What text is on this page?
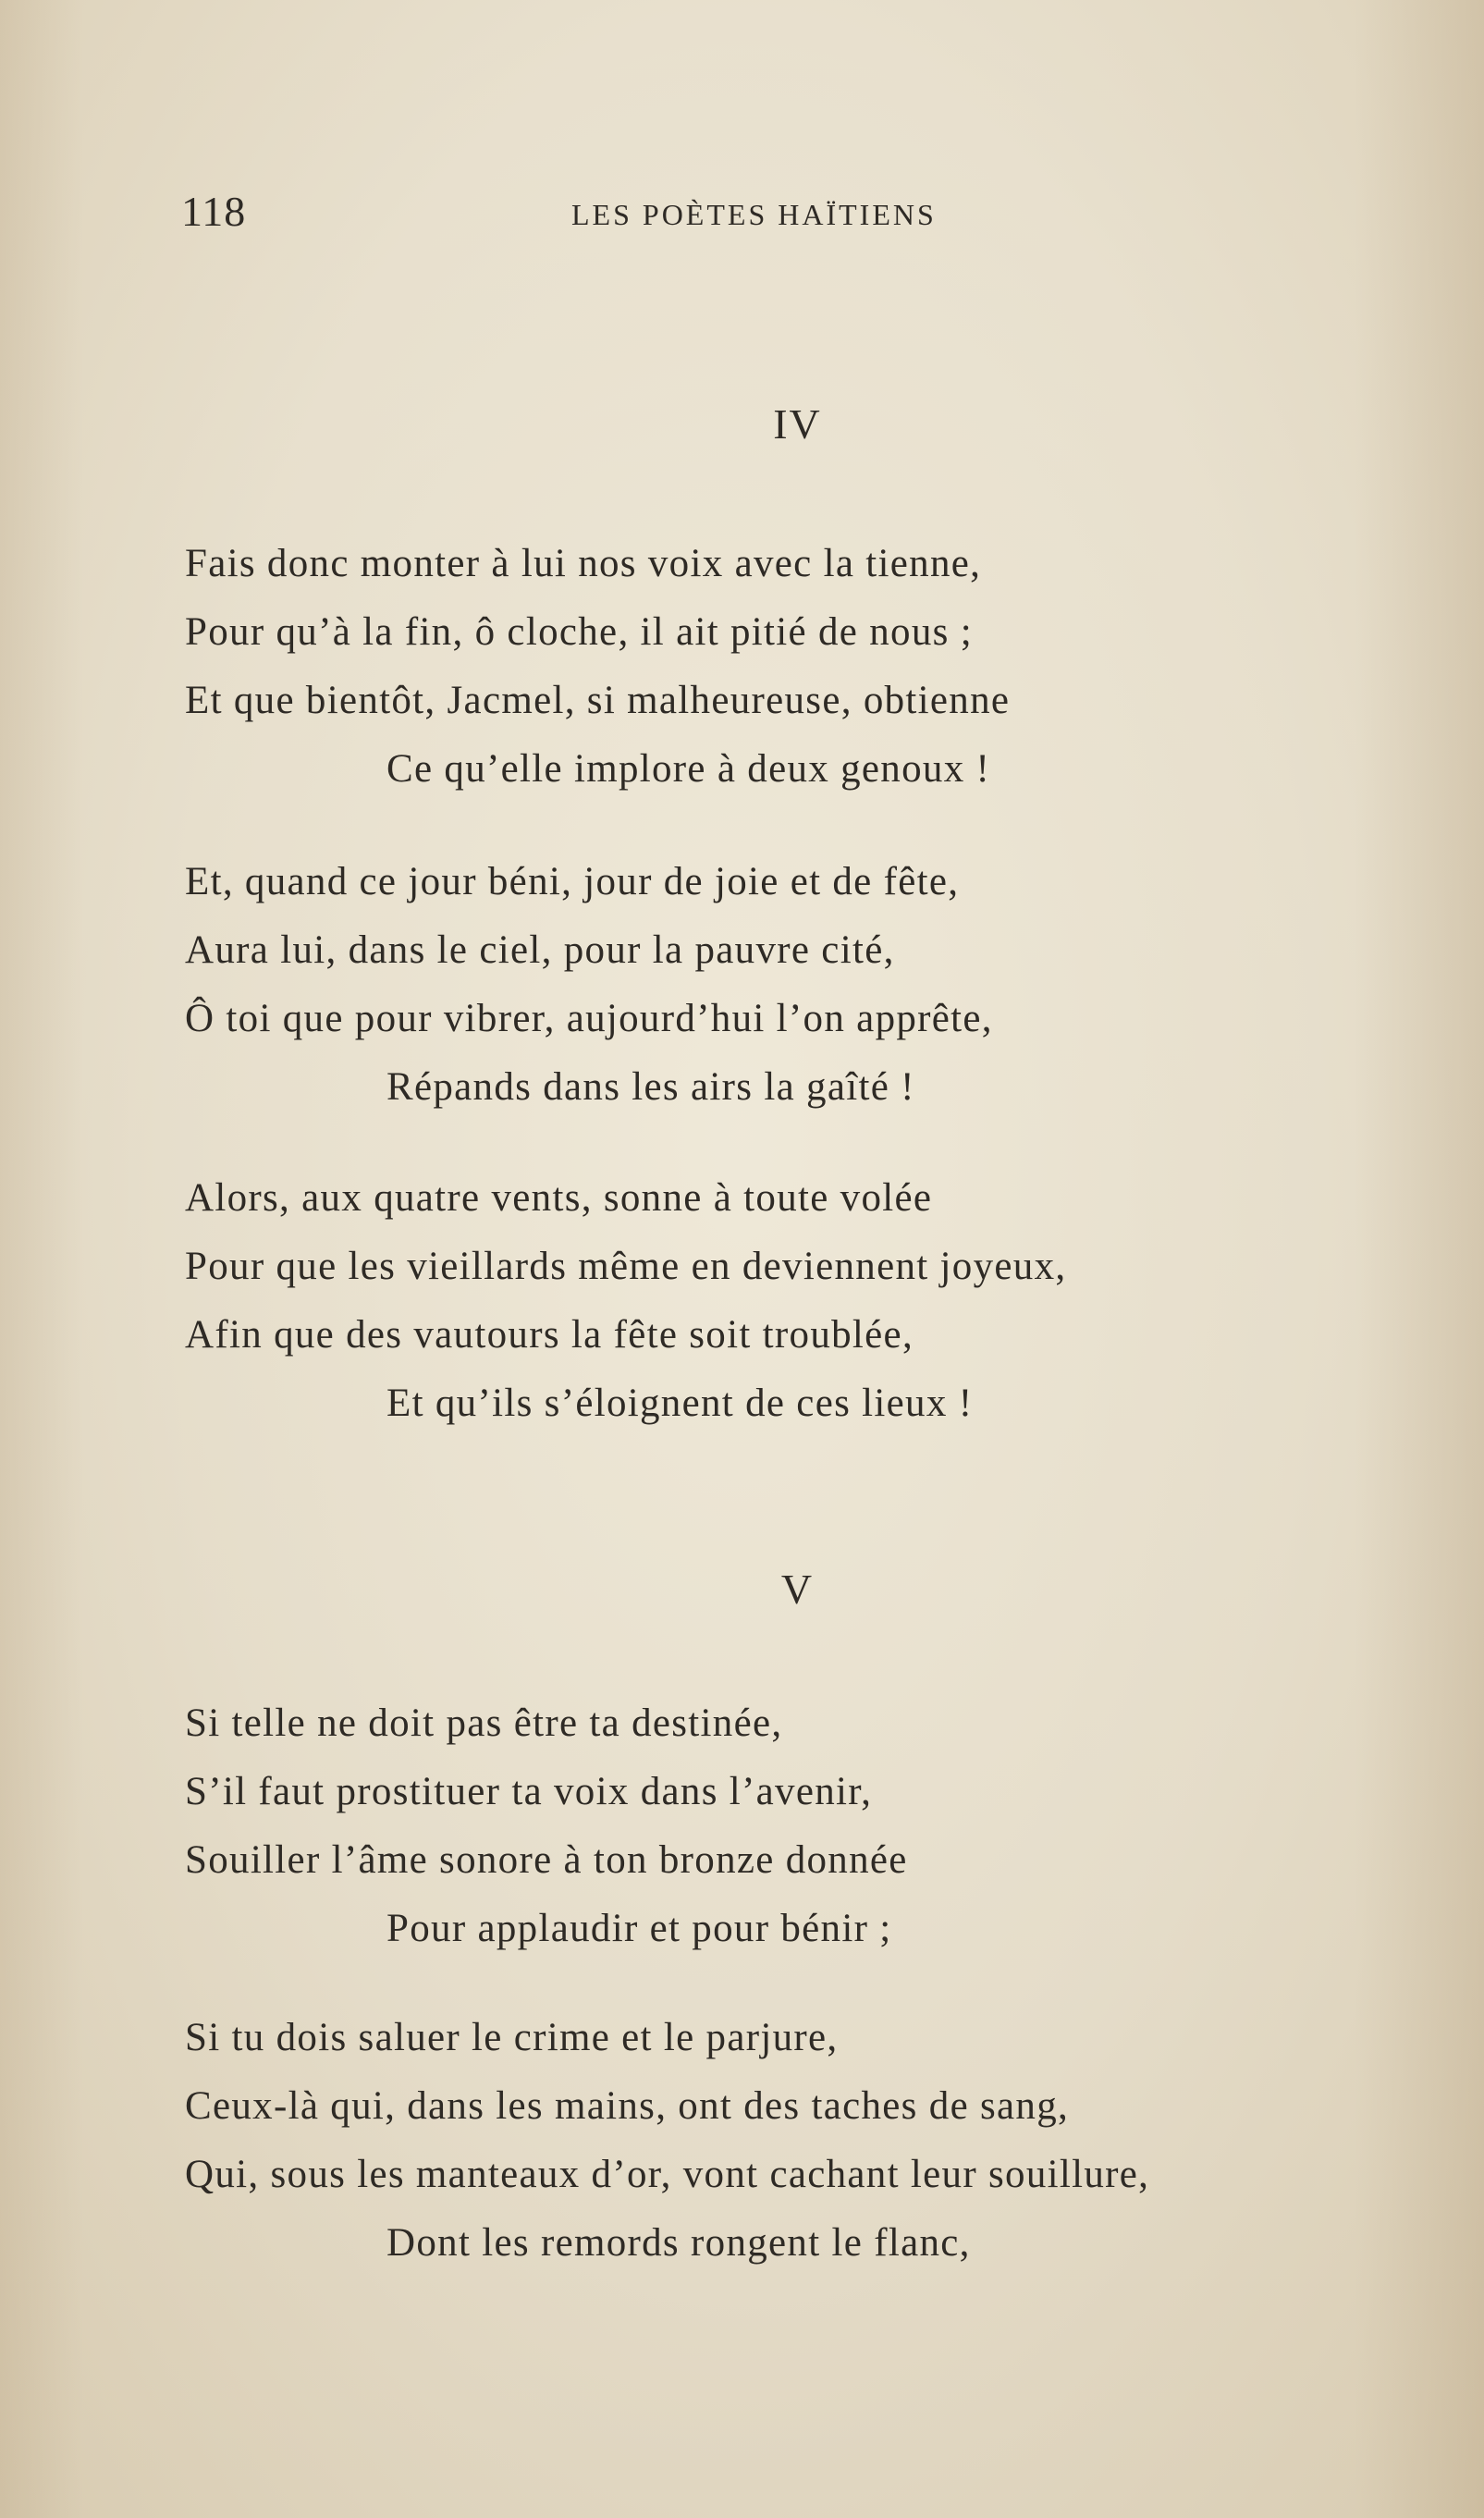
118	LES POÈTES HAÏTIENS
IV
Fais donc monter à lui nos voix avec la tienne,
Pour qu’à la fin, ô cloche, il ait pitié de nous ;
Et que bientôt, Jacmel, si malheureuse, obtienne
Ce qu’elle implore à deux genoux !
Et, quand ce jour béni, jour de joie et de fête,
Aura lui, dans le ciel, pour la pauvre cité,
Ô toi que pour vibrer, aujourd’hui l’on apprête,
Répands dans les airs la gaîté !
Alors, aux quatre vents, sonne à toute volée
Pour que les vieillards même en deviennent joyeux,
Afin que des vautours la fête soit troublée,
Et qu’ils s’éloignent de ces lieux !
V
Si telle ne doit pas être ta destinée,
S’il faut prostituer ta voix dans l’avenir,
Souiller l’âme sonore à ton bronze donnée
Pour applaudir et pour bénir ;
Si tu dois saluer le crime et le parjure,
Ceux-là qui, dans les mains, ont des taches de sang,
Qui, sous les manteaux d’or, vont cachant leur souillure,
Dont les remords rongent le flanc,
